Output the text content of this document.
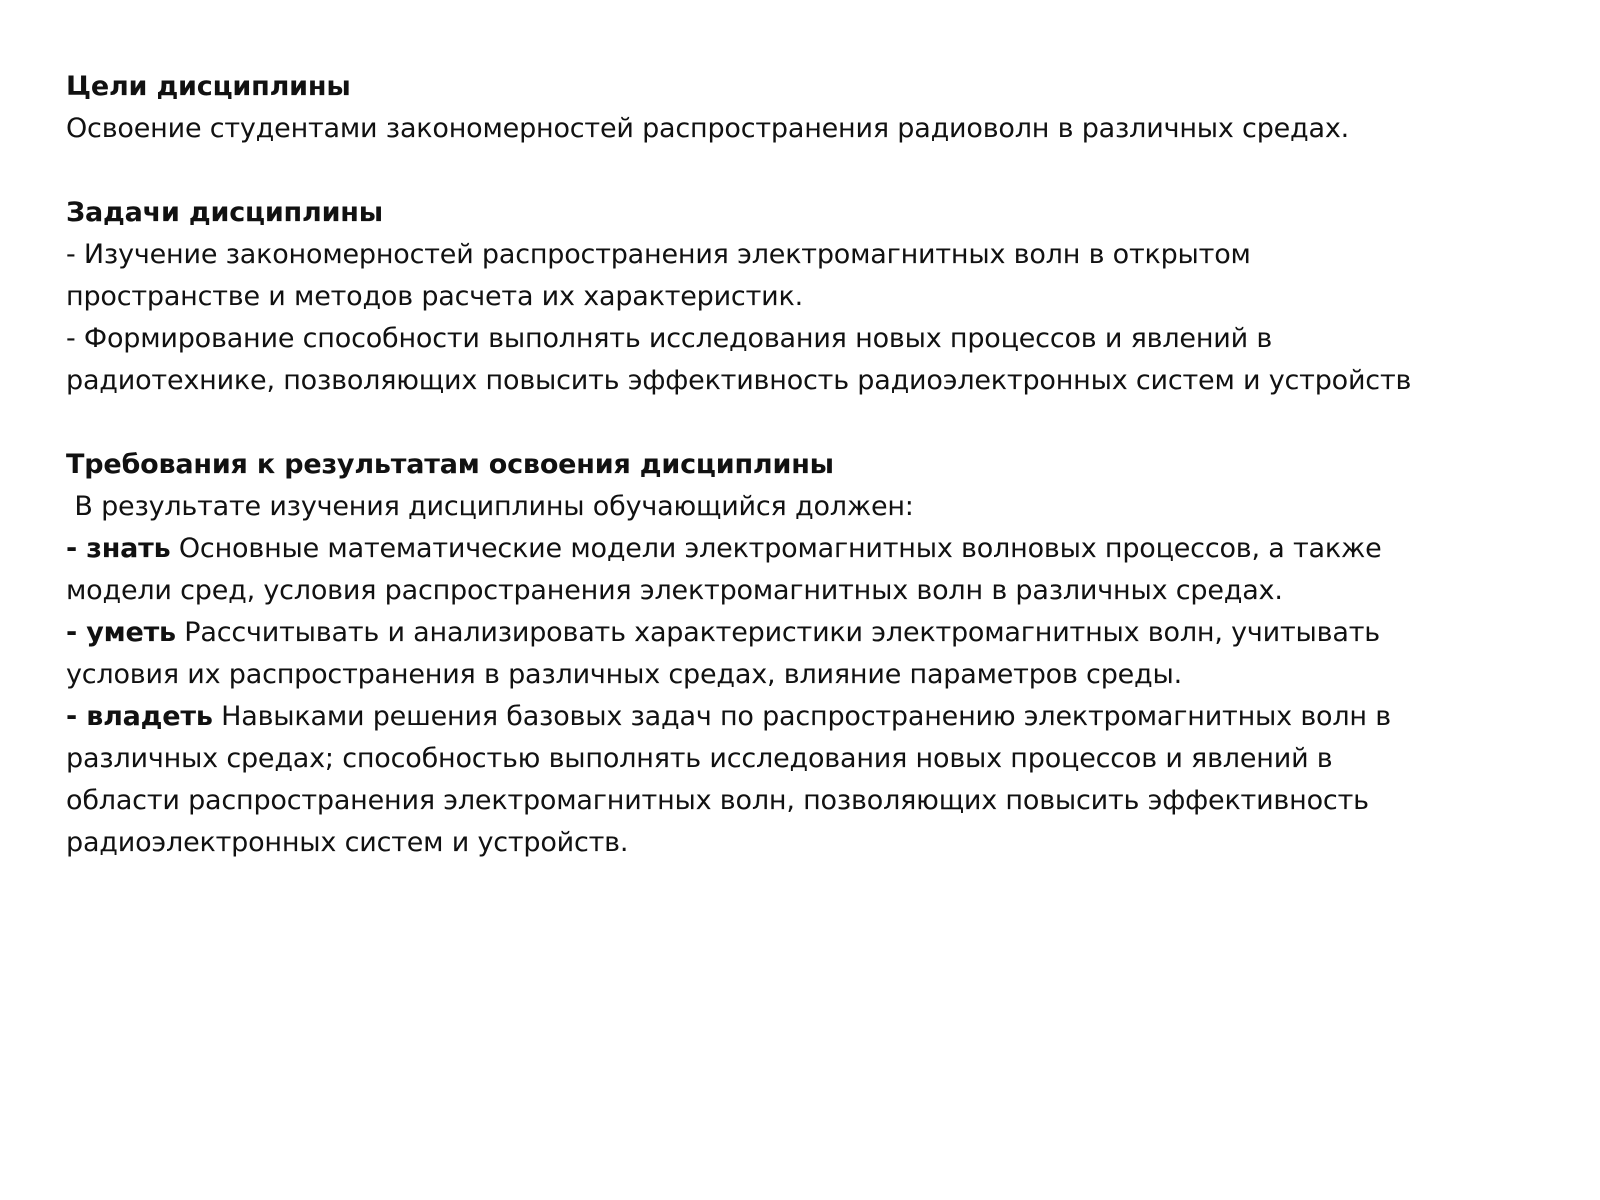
Цели дисциплины
Освоение студентами закономерностей распространения радиоволн в различных средах.
Задачи дисциплины
- Изучение закономерностей распространения электромагнитных волн в открытом
пространстве и методов расчета их характеристик.
- Формирование способности выполнять исследования новых процессов и явлений в
радиотехнике, позволяющих повысить эффективность радиоэлектронных систем и устройств
Требования к результатам освоения дисциплины
В результате изучения дисциплины обучающийся должен:
- знать Основные математические модели электромагнитных волновых процессов, а также
модели сред, условия распространения электромагнитных волн в различных средах.
- уметь Рассчитывать и анализировать характеристики электромагнитных волн, учитывать
условия их распространения в различных средах, влияние параметров среды.
- владеть Навыками решения базовых задач по распространению электромагнитных волн в
различных средах; способностью выполнять исследования новых процессов и явлений в
области распространения электромагнитных волн, позволяющих повысить эффективность
радиоэлектронных систем и устройств.
